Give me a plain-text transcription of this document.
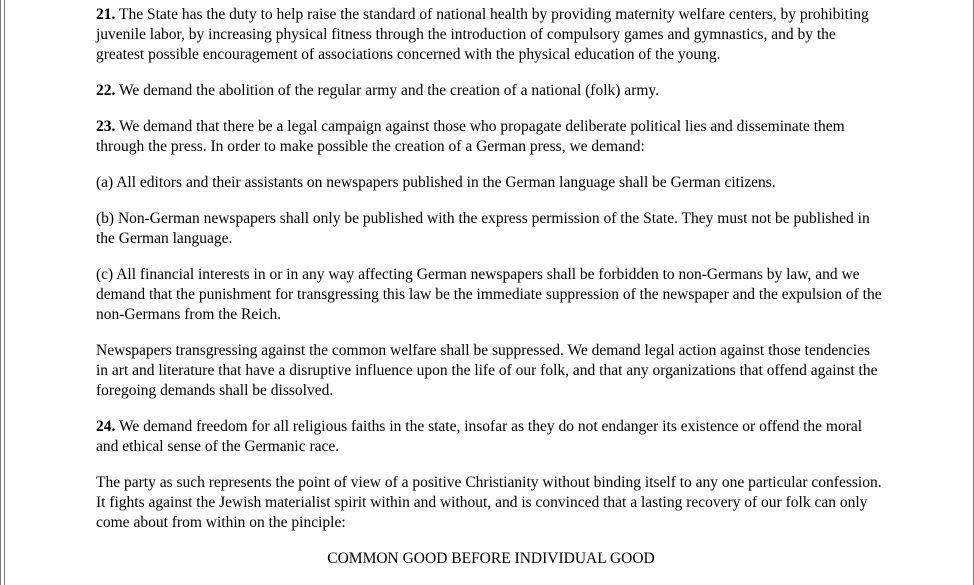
21. The State has the duty to help raise the standard of national health by providing maternity welfare centers, by prohibiting juvenile labor, by increasing physical fitness through the introduction of compulsory games and gymnastics, and by the greatest possible encouragement of associations concerned with the physical education of the young.

22. We demand the abolition of the regular army and the creation of a national (folk) army.

23. We demand that there be a legal campaign against those who propagate deliberate political lies and disseminate them through the press. In order to make possible the creation of a German press, we demand:

(a) All editors and their assistants on newspapers published in the German language shall be German citizens.

(b) Non-German newspapers shall only be published with the express permission of the State. They must not be published in the German language.

(c) All financial interests in or in any way affecting German newspapers shall be forbidden to non-Germans by law, and we demand that the punishment for transgressing this law be the immediate suppression of the newspaper and the expulsion of the non-Germans from the Reich.

Newspapers transgressing against the common welfare shall be suppressed. We demand legal action against those tendencies in art and literature that have a disruptive influence upon the life of our folk, and that any organizations that offend against the foregoing demands shall be dissolved.

24. We demand freedom for all religious faiths in the state, insofar as they do not endanger its existence or offend the moral and ethical sense of the Germanic race.

The party as such represents the point of view of a positive Christianity without binding itself to any one particular confession. It fights against the Jewish materialist spirit within and without, and is convinced that a lasting recovery of our folk can only come about from within on the pinciple:

COMMON GOOD BEFORE INDIVIDUAL GOOD
